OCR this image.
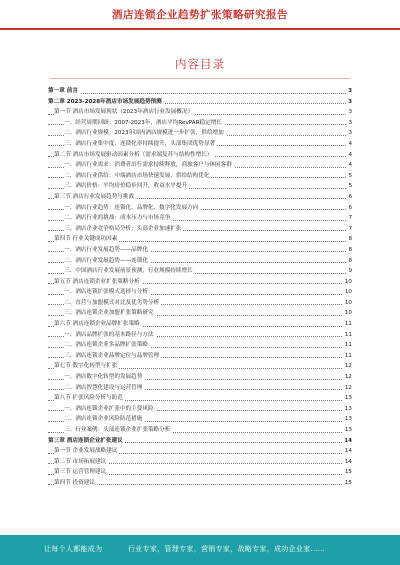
酒店连锁企业趋势扩张策略研究报告
内容目录
第一章 前言	3
第二章 2023-2028年酒店市场发展趋势预测	3
第一节 酒店市场发展现状（2023年酒店行业发展概况）	3
一、经营周期回顾：2007-2023年，酒店平均RevPAR稳定增长	3
二、酒店行业规模：2023年国内酒店规模进一步扩张，供给增加	3
三、酒店行业集中度：连锁化率持续提升，头部集团优势显著	4
第二节 酒店市场发展驱动因素分析（需求端复苏与结构性增长）	4
一、酒店行业需求：消费者出行需求持续释放，商旅客户与休闲客群	4
二、酒店行业供给：中端酒店市场快速发展，供给结构优化	5
三、酒店价格：平均房价稳步回升，收益水平提升	5
第三节 酒店行业发展趋势与挑战	6
一、酒店行业趋势：连锁化、品牌化、数字化发展方向	6
二、酒店行业的挑战：成本压力与市场竞争	7
三、酒店企业竞争格局分析：头部企业加速扩张	7
第四节 行业关键成功因素	8
一、酒店行业发展趋势——品牌化	8
二、酒店行业发展趋势——连锁化	8
三、中国酒店行业发展前景预测，行业规模持续增长	9
第五节 酒店连锁企业扩张策略分析	10
一、酒店连锁扩张模式选择与分析	10
二、直营与加盟模式对比及优劣势分析	10
三、酒店连锁企业加盟扩张策略研究	10
第六节 酒店连锁企业品牌扩张策略	11
一、酒店品牌扩张的基本路径与方法	11
二、酒店连锁企业多品牌扩张策略	11
三、酒店连锁企业品牌定位与品牌管理	11
第七节 数字化转型与扩张	12
一、酒店数字化转型的发展趋势	12
二、酒店智慧化建设与运营管理	12
第八节 扩张风险分析与防范	13
一、酒店连锁企业扩张中的主要风险	13
二、酒店连锁企业风险防范措施	13
三、行业案例：头部连锁企业扩张策略分析	13
第三章 酒店连锁企业扩张建议	14
第一节 企业发展战略建议	14
第二节 市场拓展建议	14
第三节 运营管理建议	15
第四节 投资建议	15
让每个人都能成为	行业专家，管理专家，营销专家，战略专家，成功企业家……
